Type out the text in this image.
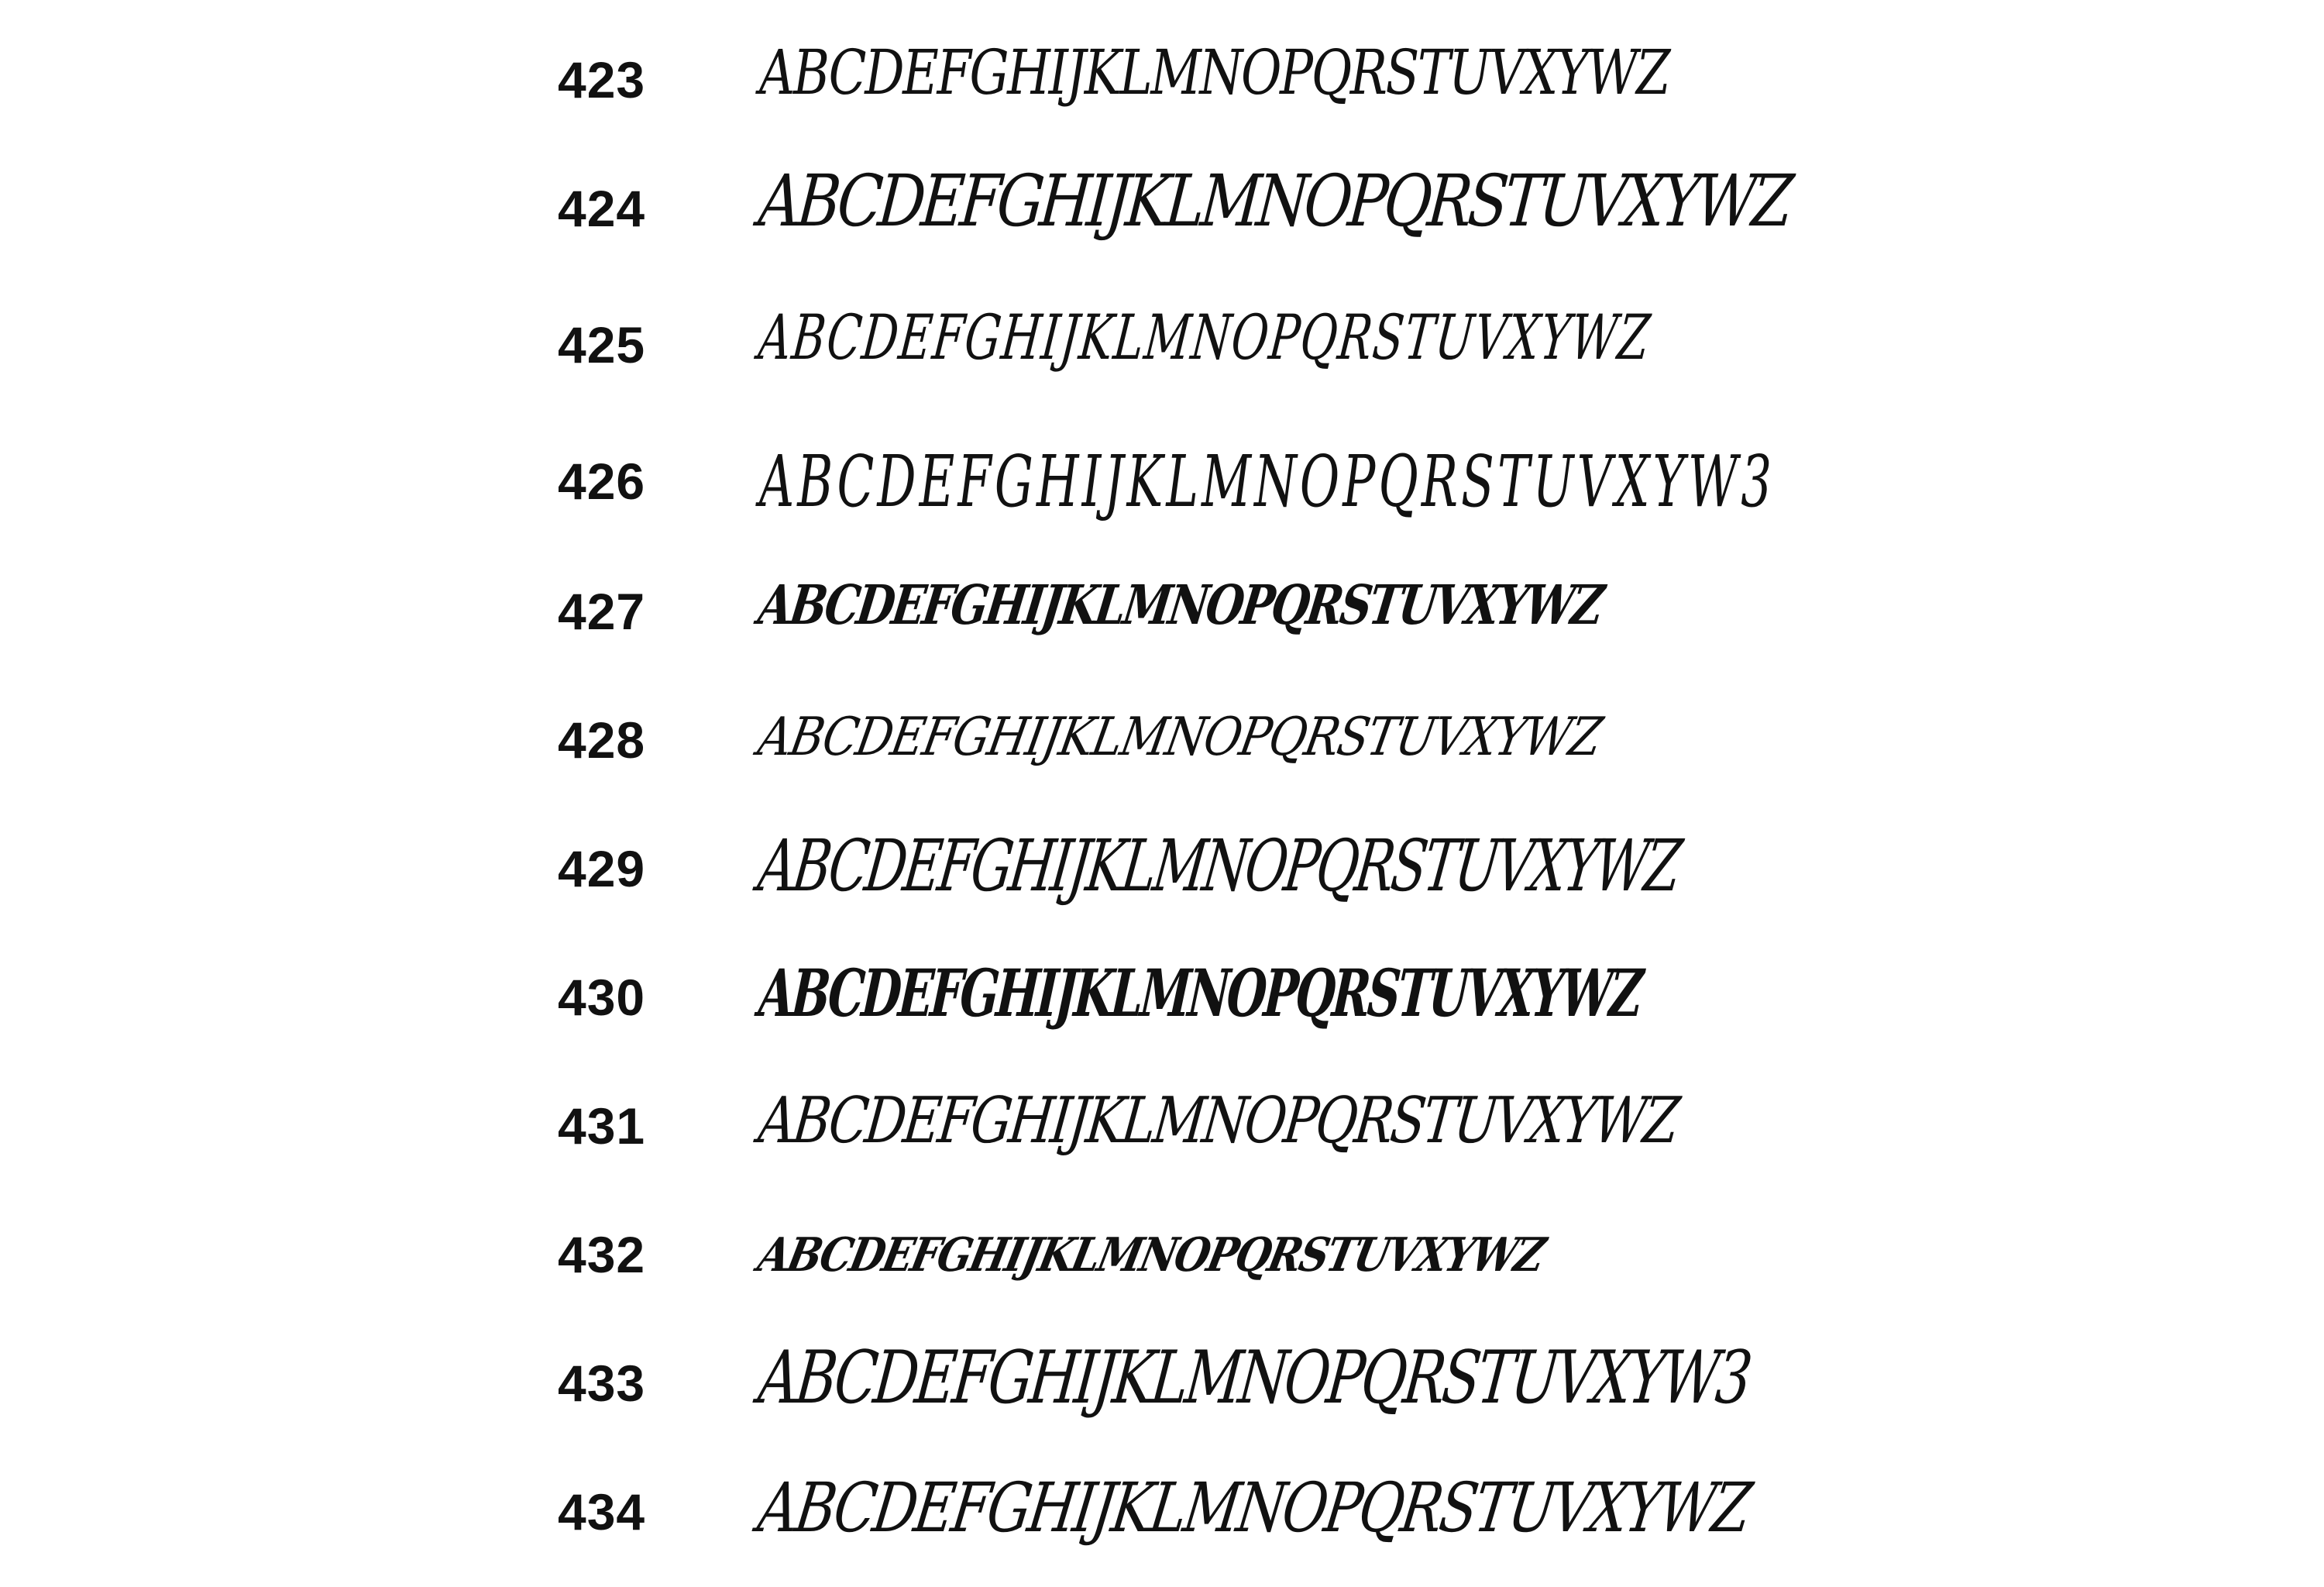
423 ABCDEFGHIJKLMNOPQRSTUVXYWZ
424 ABCDEFGHIJKLMNOPQRSTUVXYWZ
425 ABCDEFGHIJKLMNOPQRSTUVXYWZ
426 ABCDEFGHIJKLMNOPQRSTUVXYW3
427 ABCDEFGHIJKLMNOPQRSTUVXYWZ
428 ABCDEFGHIJKLMNOPQRSTUVXYWZ
429 ABCDEFGHIJKLMNOPQRSTUVXYWZ
430 ABCDEFGHIJKLMNOPQRSTUVXYWZ
431 ABCDEFGHIJKLMNOPQRSTUVXYWZ
432 ABCDEFGHIJKLMNOPQRSTUVXYWZ
433 ABCDEFGHIJKLMNOPQRSTUVXYW3
434 ABCDEFGHIJKLMNOPQRSTUVXYWZ
